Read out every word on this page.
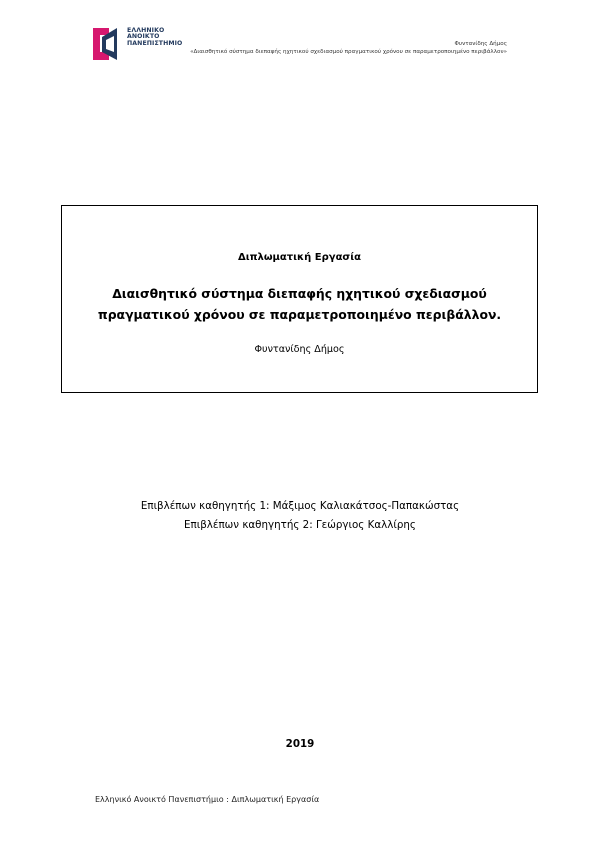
ΕΛΛΗΝΙΚΟ
ΑΝΟΙΚΤΟ
ΠΑΝΕΠΙΣΤΗΜΙΟ	Φυντανίδης Δήμος
«Διαισθητικό σύστημα διεπαφής ηχητικού σχεδιασμού πραγματικού χρόνου σε παραμετροποιημένο περιβάλλον»
Διπλωματική Εργασία
Διαισθητικό σύστημα διεπαφής ηχητικού σχεδιασμού
πραγματικού χρόνου σε παραμετροποιημένο περιβάλλον.
Φυντανίδης Δήμος
Επιβλέπων καθηγητής 1: Μάξιμος Καλιακάτσος-Παπακώστας
Επιβλέπων καθηγητής 2: Γεώργιος Καλλίρης
2019
Ελληνικό Ανοικτό Πανεπιστήμιο : Διπλωματική Εργασία
